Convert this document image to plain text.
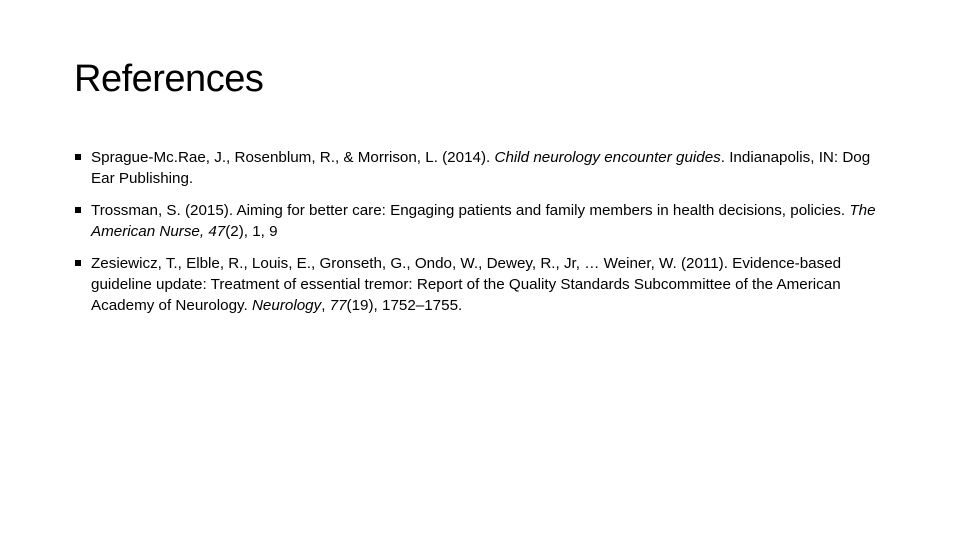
References
Sprague-Mc.Rae, J., Rosenblum, R., & Morrison, L. (2014). Child neurology encounter guides. Indianapolis, IN: Dog Ear Publishing.
Trossman, S. (2015). Aiming for better care: Engaging patients and family members in health decisions, policies. The American Nurse, 47(2), 1, 9
Zesiewicz, T., Elble, R., Louis, E., Gronseth, G., Ondo, W., Dewey, R., Jr, … Weiner, W. (2011). Evidence-based guideline update: Treatment of essential tremor: Report of the Quality Standards Subcommittee of the American Academy of Neurology. Neurology, 77(19), 1752–1755.
